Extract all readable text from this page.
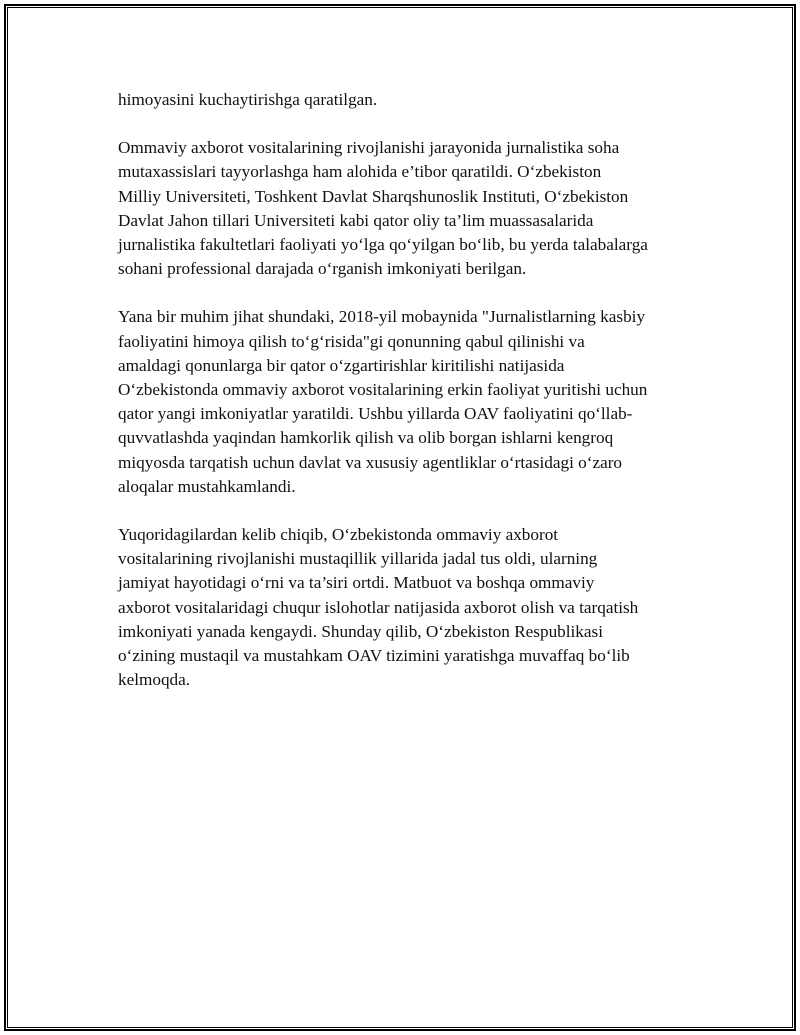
himoyasini kuchaytirishga qaratilgan.

Ommaviy axborot vositalarining rivojlanishi jarayonida jurnalistika soha
mutaxassislari tayyorlashga ham alohida e’tibor qaratildi. O‘zbekiston
Milliy Universiteti, Toshkent Davlat Sharqshunoslik Instituti, O‘zbekiston
Davlat Jahon tillari Universiteti kabi qator oliy ta’lim muassasalarida
jurnalistika fakultetlari faoliyati yo‘lga qo‘yilgan bo‘lib, bu yerda talabalarga
sohani professional darajada o‘rganish imkoniyati berilgan.

Yana bir muhim jihat shundaki, 2018-yil mobaynida "Jurnalistlarning kasbiy
faoliyatini himoya qilish to‘g‘risida"gi qonunning qabul qilinishi va
amaldagi qonunlarga bir qator o‘zgartirishlar kiritilishi natijasida
O‘zbekistonda ommaviy axborot vositalarining erkin faoliyat yuritishi uchun
qator yangi imkoniyatlar yaratildi. Ushbu yillarda OAV faoliyatini qo‘llab-
quvvatlashda yaqindan hamkorlik qilish va olib borgan ishlarni kengroq
miqyosda tarqatish uchun davlat va xususiy agentliklar o‘rtasidagi o‘zaro
aloqalar mustahkamlandi.

Yuqoridagilardan kelib chiqib, O‘zbekistonda ommaviy axborot
vositalarining rivojlanishi mustaqillik yillarida jadal tus oldi, ularning
jamiyat hayotidagi o‘rni va ta’siri ortdi. Matbuot va boshqa ommaviy
axborot vositalaridagi chuqur islohotlar natijasida axborot olish va tarqatish
imkoniyati yanada kengaydi. Shunday qilib, O‘zbekiston Respublikasi
o‘zining mustaqil va mustahkam OAV tizimini yaratishga muvaffaq bo‘lib
kelmoqda.
